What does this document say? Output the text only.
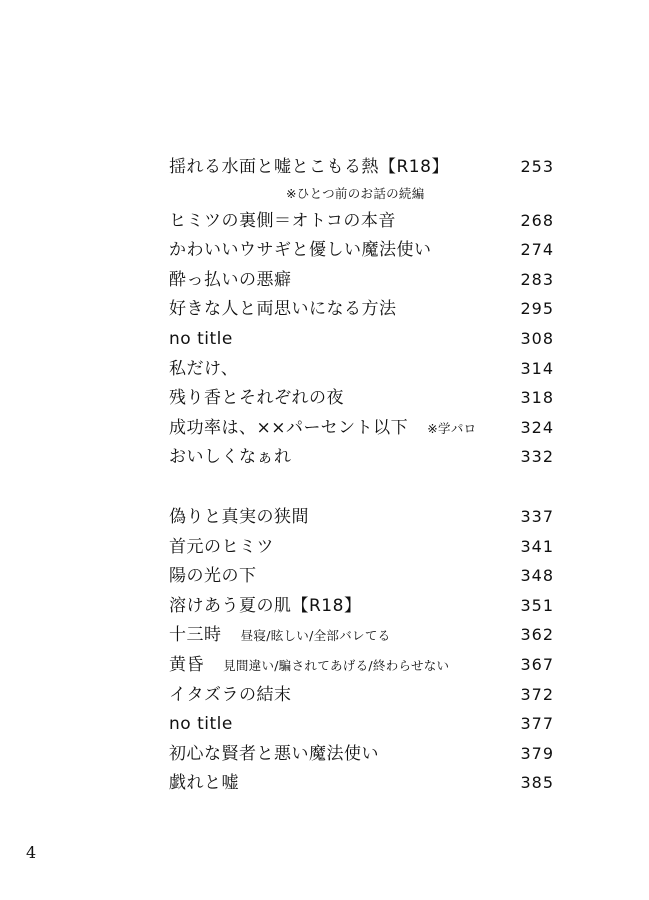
揺れる水面と嘘とこもる熱【R18】	253
※ひとつ前のお話の続編
ヒミツの裏側＝オトコの本音	268
かわいいウサギと優しい魔法使い	274
酔っ払いの悪癖	283
好きな人と両思いになる方法	295
no title	308
私だけ、	314
残り香とそれぞれの夜	318
成功率は、××パーセント以下 ※学パロ	324
おいしくなぁれ	332
偽りと真実の狭間	337
首元のヒミツ	341
陽の光の下	348
溶けあう夏の肌【R18】	351
十三時 昼寝/眩しい/全部バレてる	362
黄昏 見間違い/騙されてあげる/終わらせない	367
イタズラの結末	372
no title	377
初心な賢者と悪い魔法使い	379
戯れと嘘	385
4
